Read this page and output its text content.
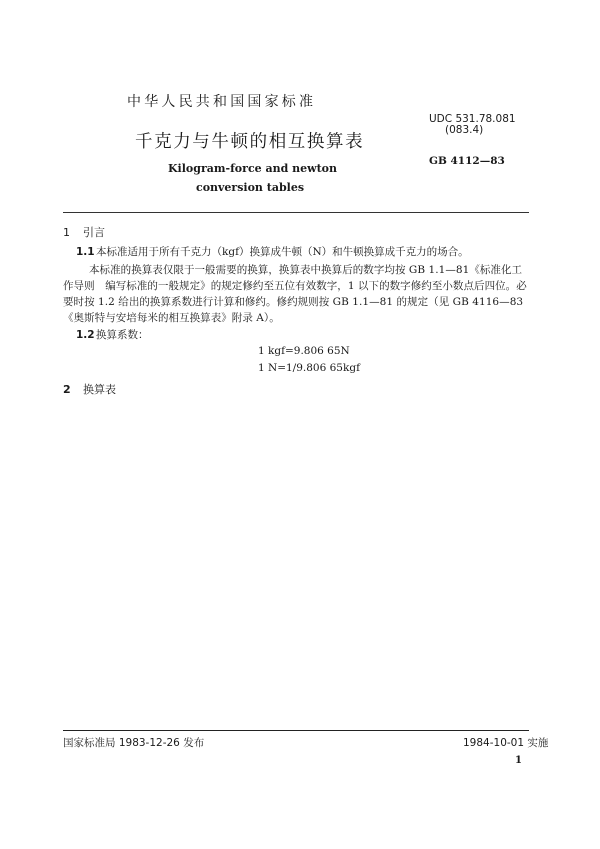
中华人民共和国国家标准
千克力与牛顿的相互换算表
Kilogram-force and newton
conversion tables
UDC 531.78.081
(083.4)
GB 4112—83
1 引言
1.1本标准适用于所有千克力（kgf）换算成牛顿（N）和牛顿换算成千克力的场合。
本标准的换算表仅限于一般需要的换算，换算表中换算后的数字均按 GB 1.1—81《标准化工作导则　编写标准的一般规定》的规定修约至五位有效数字，1 以下的数字修约至小数点后四位。必要时按 1.2 给出的换算系数进行计算和修约。修约规则按 GB 1.1—81 的规定（见 GB 4116—83《奥斯特与安培每米的相互换算表》附录 A）。
1.2换算系数：
1 kgf=9.806 65N
1 N=1/9.806 65kgf
2 换算表
国家标准局 1983-12-26 发布	1984-10-01 实施
1
